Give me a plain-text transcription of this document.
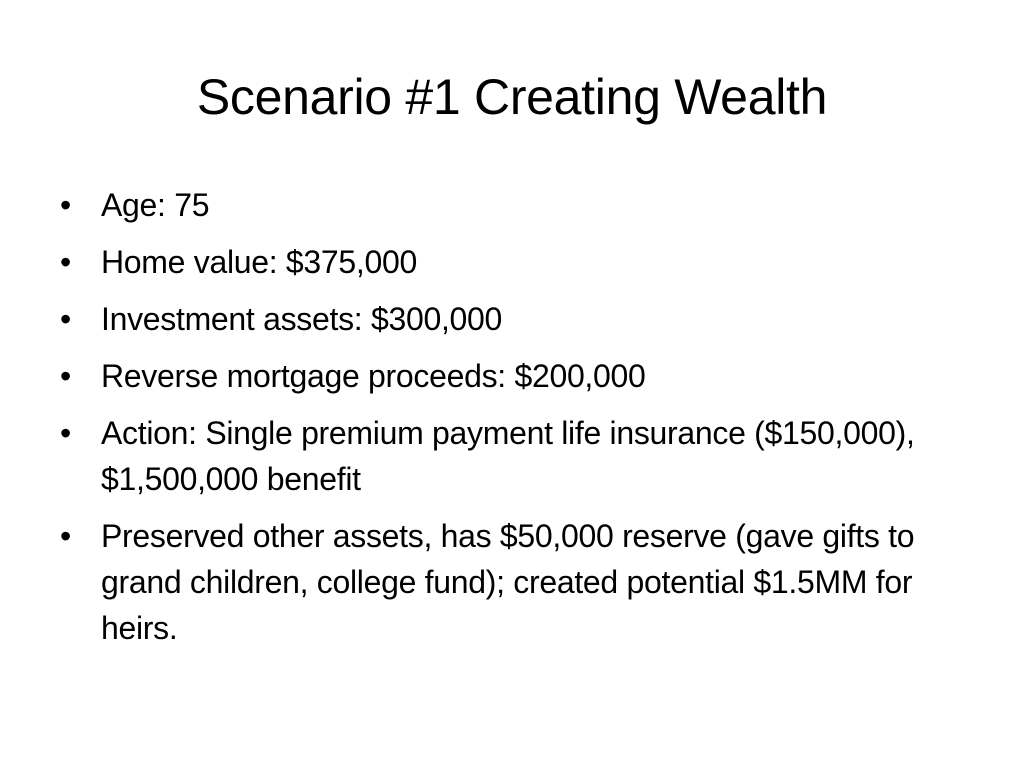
Scenario #1 Creating Wealth
• Age: 75
• Home value: $375,000
• Investment assets: $300,000
• Reverse mortgage proceeds: $200,000
• Action: Single premium payment life insurance ($150,000), $1,500,000 benefit
• Preserved other assets, has $50,000 reserve (gave gifts to grand children, college fund); created potential $1.5MM for heirs.
